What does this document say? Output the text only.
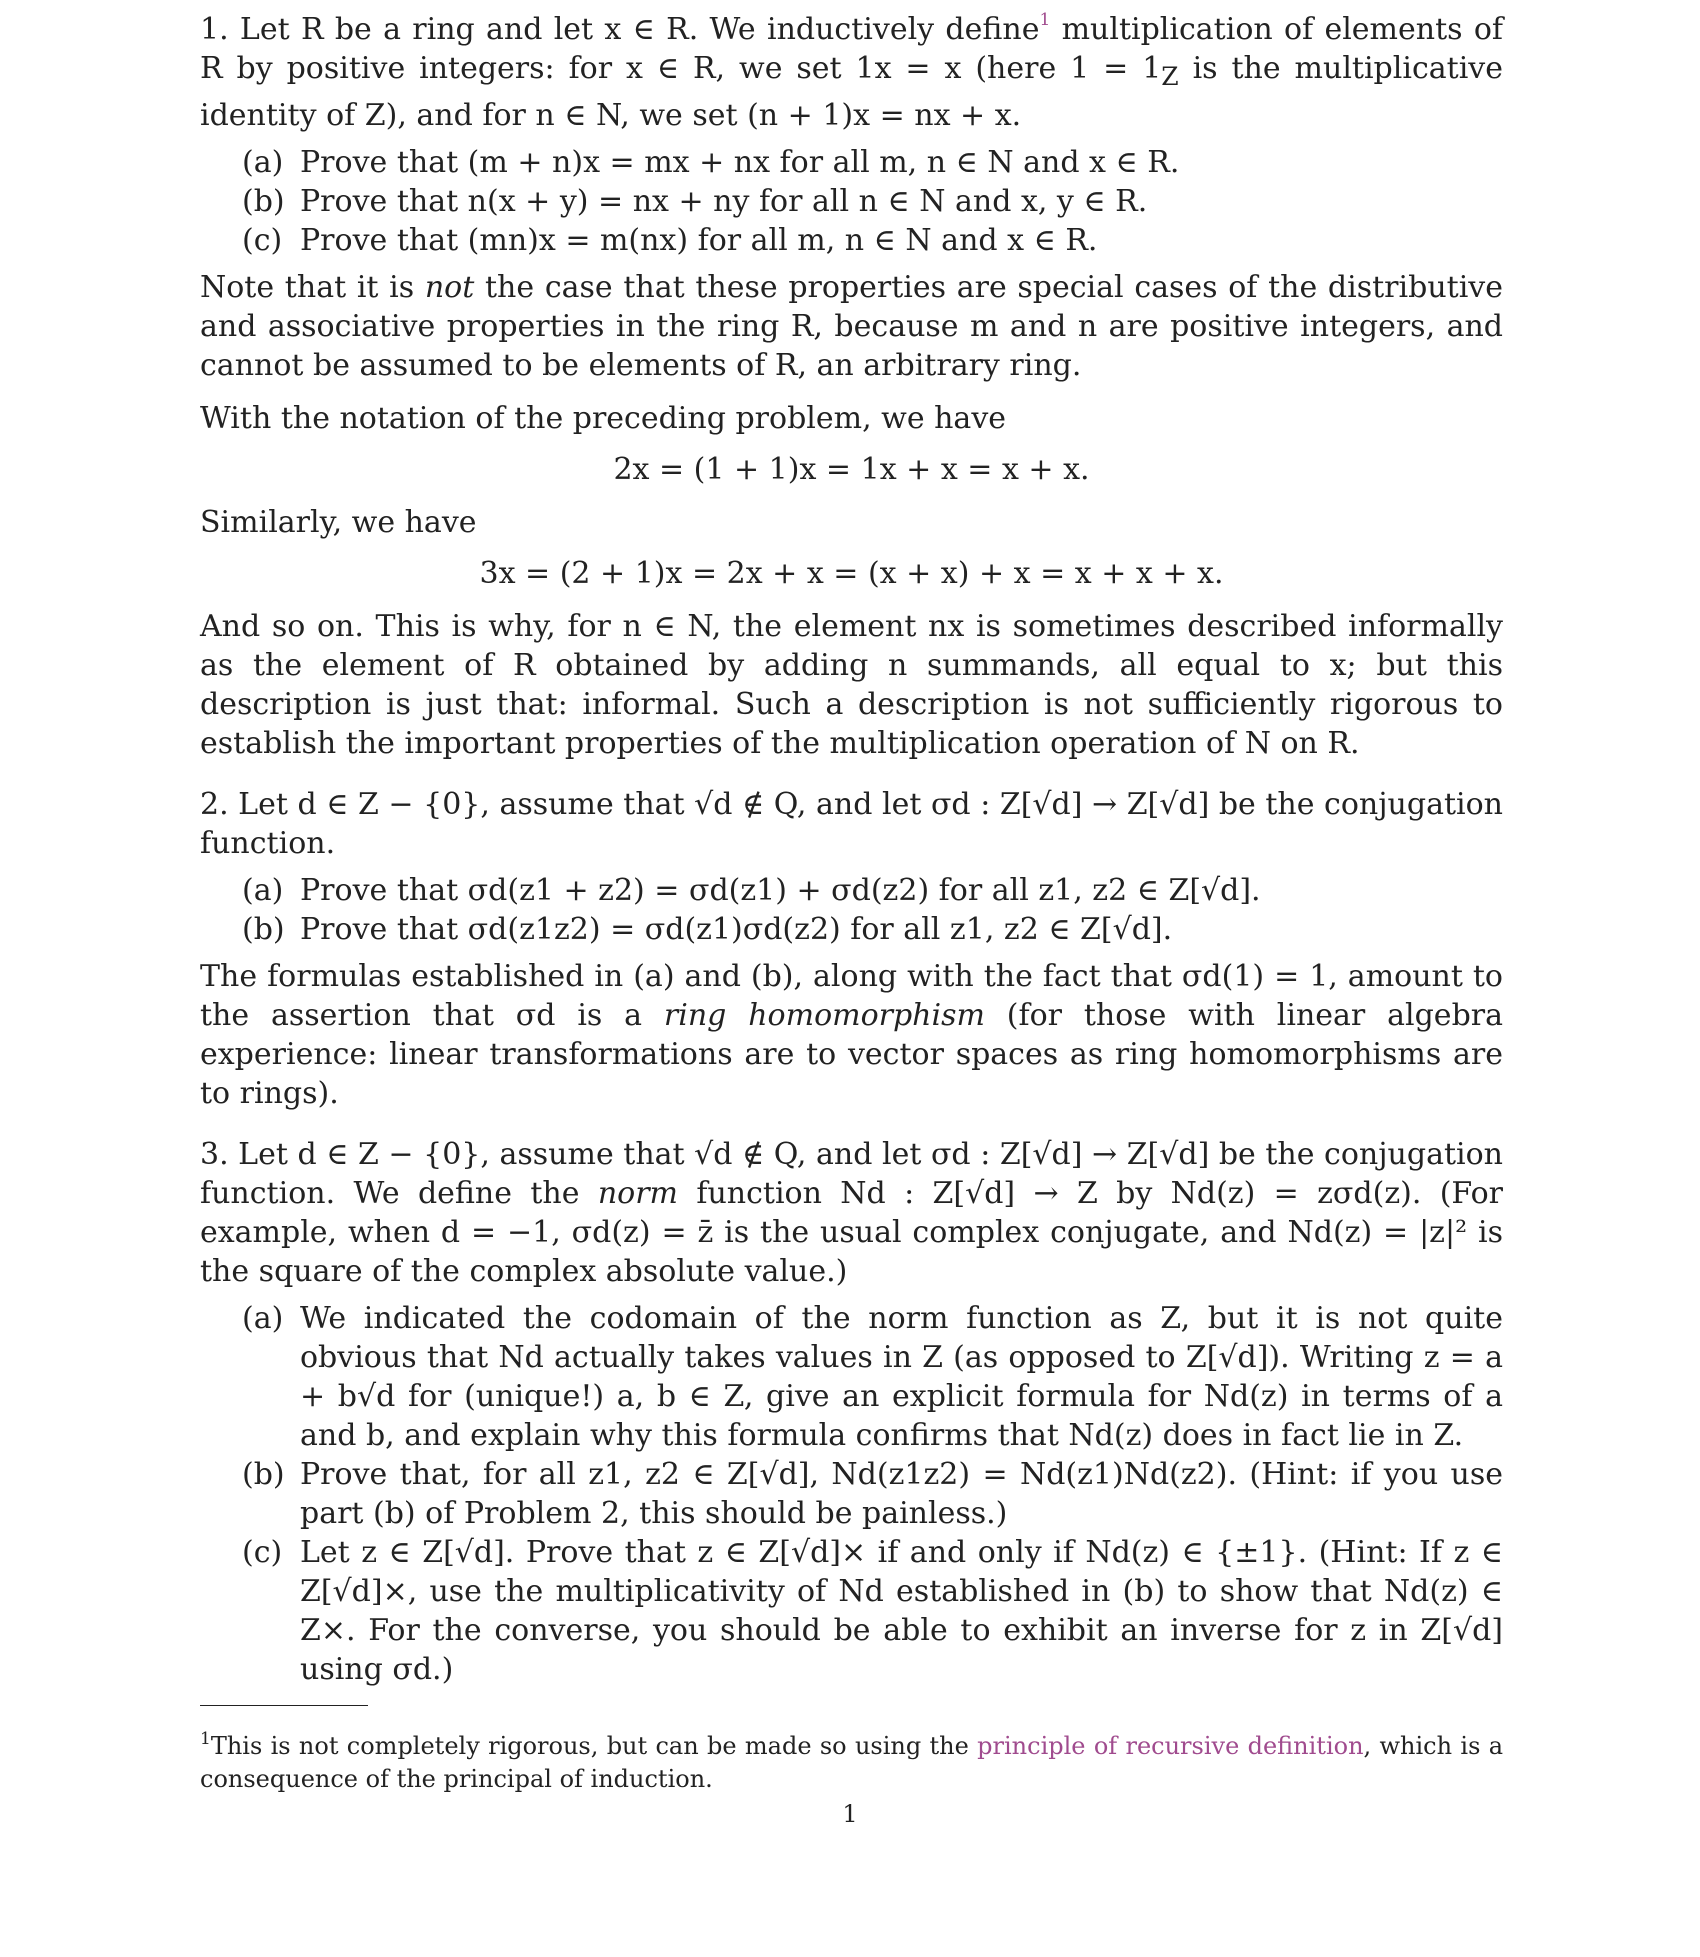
1. Let R be a ring and let x ∈ R. We inductively define$^1$ multiplication of elements of R by positive integers: for x ∈ R, we set 1x = x (here $1 = 1_Z$ is the multiplicative identity of Z), and for n ∈ N, we set (n + 1)x = nx + x.

(a) Prove that (m + n)x = mx + nx for all m, n ∈ N and x ∈ R.
(b) Prove that n(x + y) = nx + ny for all n ∈ N and x, y ∈ R.
(c) Prove that (mn)x = m(nx) for all m, n ∈ N and x ∈ R.

Note that it is not the case that these properties are special cases of the distributive and associative properties in the ring R, because m and n are positive integers, and cannot be assumed to be elements of R, an arbitrary ring.

With the notation of the preceding problem, we have

2x = (1 + 1)x = 1x + x = x + x.

Similarly, we have

3x = (2 + 1)x = 2x + x = (x + x) + x = x + x + x.

And so on. This is why, for n ∈ N, the element nx is sometimes described informally as the element of R obtained by adding n summands, all equal to x; but this description is just that: informal. Such a description is not sufficiently rigorous to establish the important properties of the multiplication operation of N on R.

2. Let d ∈ Z − {0}, assume that √d ∉ Q, and let σd : Z[√d] → Z[√d] be the conjugation function.

(a) Prove that σd(z1 + z2) = σd(z1) + σd(z2) for all z1, z2 ∈ Z[√d].
(b) Prove that σd(z1z2) = σd(z1)σd(z2) for all z1, z2 ∈ Z[√d].

The formulas established in (a) and (b), along with the fact that σd(1) = 1, amount to the assertion that σd is a ring homomorphism (for those with linear algebra experience: linear transformations are to vector spaces as ring homomorphisms are to rings).

3. Let d ∈ Z − {0}, assume that √d ∉ Q, and let σd : Z[√d] → Z[√d] be the conjugation function. We define the norm function Nd : Z[√d] → Z by Nd(z) = zσd(z). (For example, when d = −1, σd(z) = z̄ is the usual complex conjugate, and Nd(z) = |z|² is the square of the complex absolute value.)

(a) We indicated the codomain of the norm function as Z, but it is not quite obvious that Nd actually takes values in Z (as opposed to Z[√d]). Writing z = a + b√d for (unique!) a, b ∈ Z, give an explicit formula for Nd(z) in terms of a and b, and explain why this formula confirms that Nd(z) does in fact lie in Z.
(b) Prove that, for all z1, z2 ∈ Z[√d], Nd(z1z2) = Nd(z1)Nd(z2). (Hint: if you use part (b) of Problem 2, this should be painless.)
(c) Let z ∈ Z[√d]. Prove that z ∈ Z[√d]× if and only if Nd(z) ∈ {±1}. (Hint: If z ∈ Z[√d]×, use the multiplicativity of Nd established in (b) to show that Nd(z) ∈ Z×. For the converse, you should be able to exhibit an inverse for z in Z[√d] using σd.)

$^1$This is not completely rigorous, but can be made so using the principle of recursive definition, which is a consequence of the principal of induction.

1
